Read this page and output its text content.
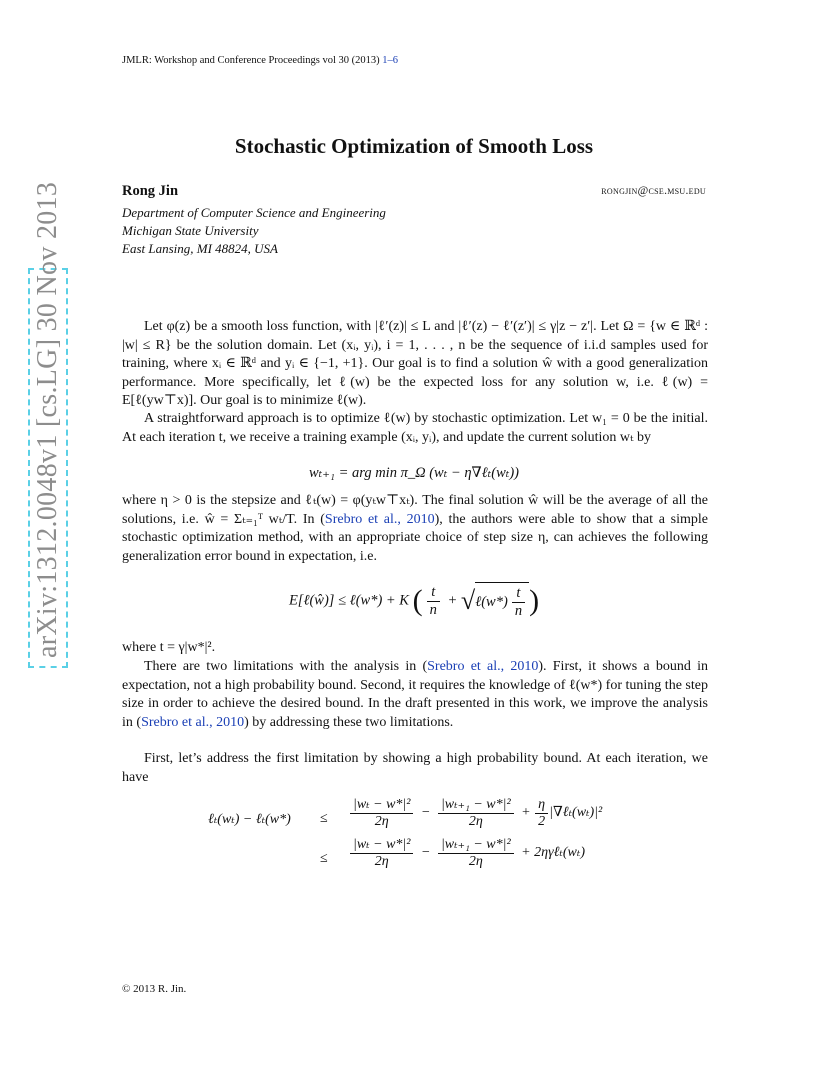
JMLR: Workshop and Conference Proceedings vol 30 (2013) 1–6
arXiv:1312.0048v1 [cs.LG] 30 Nov 2013
Stochastic Optimization of Smooth Loss
Rong Jin	rongjin@cse.msu.edu
Department of Computer Science and Engineering
Michigan State University
East Lansing, MI 48824, USA
Let φ(z) be a smooth loss function, with |ℓ′(z)| ≤ L and |ℓ′(z) − ℓ′(z′)| ≤ γ|z − z′|. Let Ω = {w ∈ ℝᵈ : |w| ≤ R} be the solution domain. Let (xᵢ, yᵢ), i = 1, . . . , n be the sequence of i.i.d samples used for training, where xᵢ ∈ ℝᵈ and yᵢ ∈ {−1, +1}. Our goal is to find a solution ŵ with a good generalization performance. More specifically, let ℓ(w) be the expected loss for any solution w, i.e. ℓ(w) = E[ℓ(yw⊤x)]. Our goal is to minimize ℓ(w).
A straightforward approach is to optimize ℓ(w) by stochastic optimization. Let w₁ = 0 be the initial. At each iteration t, we receive a training example (xᵢ, yᵢ), and update the current solution wₜ by
wₜ₊₁ = arg min π_Ω (wₜ − η∇ℓₜ(wₜ))
where η > 0 is the stepsize and ℓₜ(w) = φ(yₜw⊤xₜ). The final solution ŵ will be the average of all the solutions, i.e. ŵ = Σₜ₌₁ᵀ wₜ/T. In (Srebro et al., 2010), the authors were able to show that a simple stochastic optimization method, with an appropriate choice of step size η, can achieves the following generalization error bound in expectation, i.e.
E[ℓ(ŵ)] ≤ ℓ(w*) + K ( $\frac{t}{n}$ + √ℓ(w*) $\frac{t}{n}$ )
where t = γ|w*|².
There are two limitations with the analysis in (Srebro et al., 2010). First, it shows a bound in expectation, not a high probability bound. Second, it requires the knowledge of ℓ(w*) for tuning the step size in order to achieve the desired bound. In the draft presented in this work, we improve the analysis in (Srebro et al., 2010) by addressing these two limitations.
First, let’s address the first limitation by showing a high probability bound. At each iteration, we have
ℓₜ(wₜ) − ℓₜ(w*) ≤ $\frac{\text{|wₜ − w*|²}}{2\eta} - \frac{\text{|wₜ₊₁ − w*|²}}{2\eta} + \frac{\eta}{2}$ |∇ℓₜ(wₜ)|²
≤ $\frac{\text{|wₜ − w*|²}}{2\eta} - \frac{\text{|wₜ₊₁ − w*|²}}{2\eta}$ + 2ηγℓₜ(wₜ)
© 2013 R. Jin.
